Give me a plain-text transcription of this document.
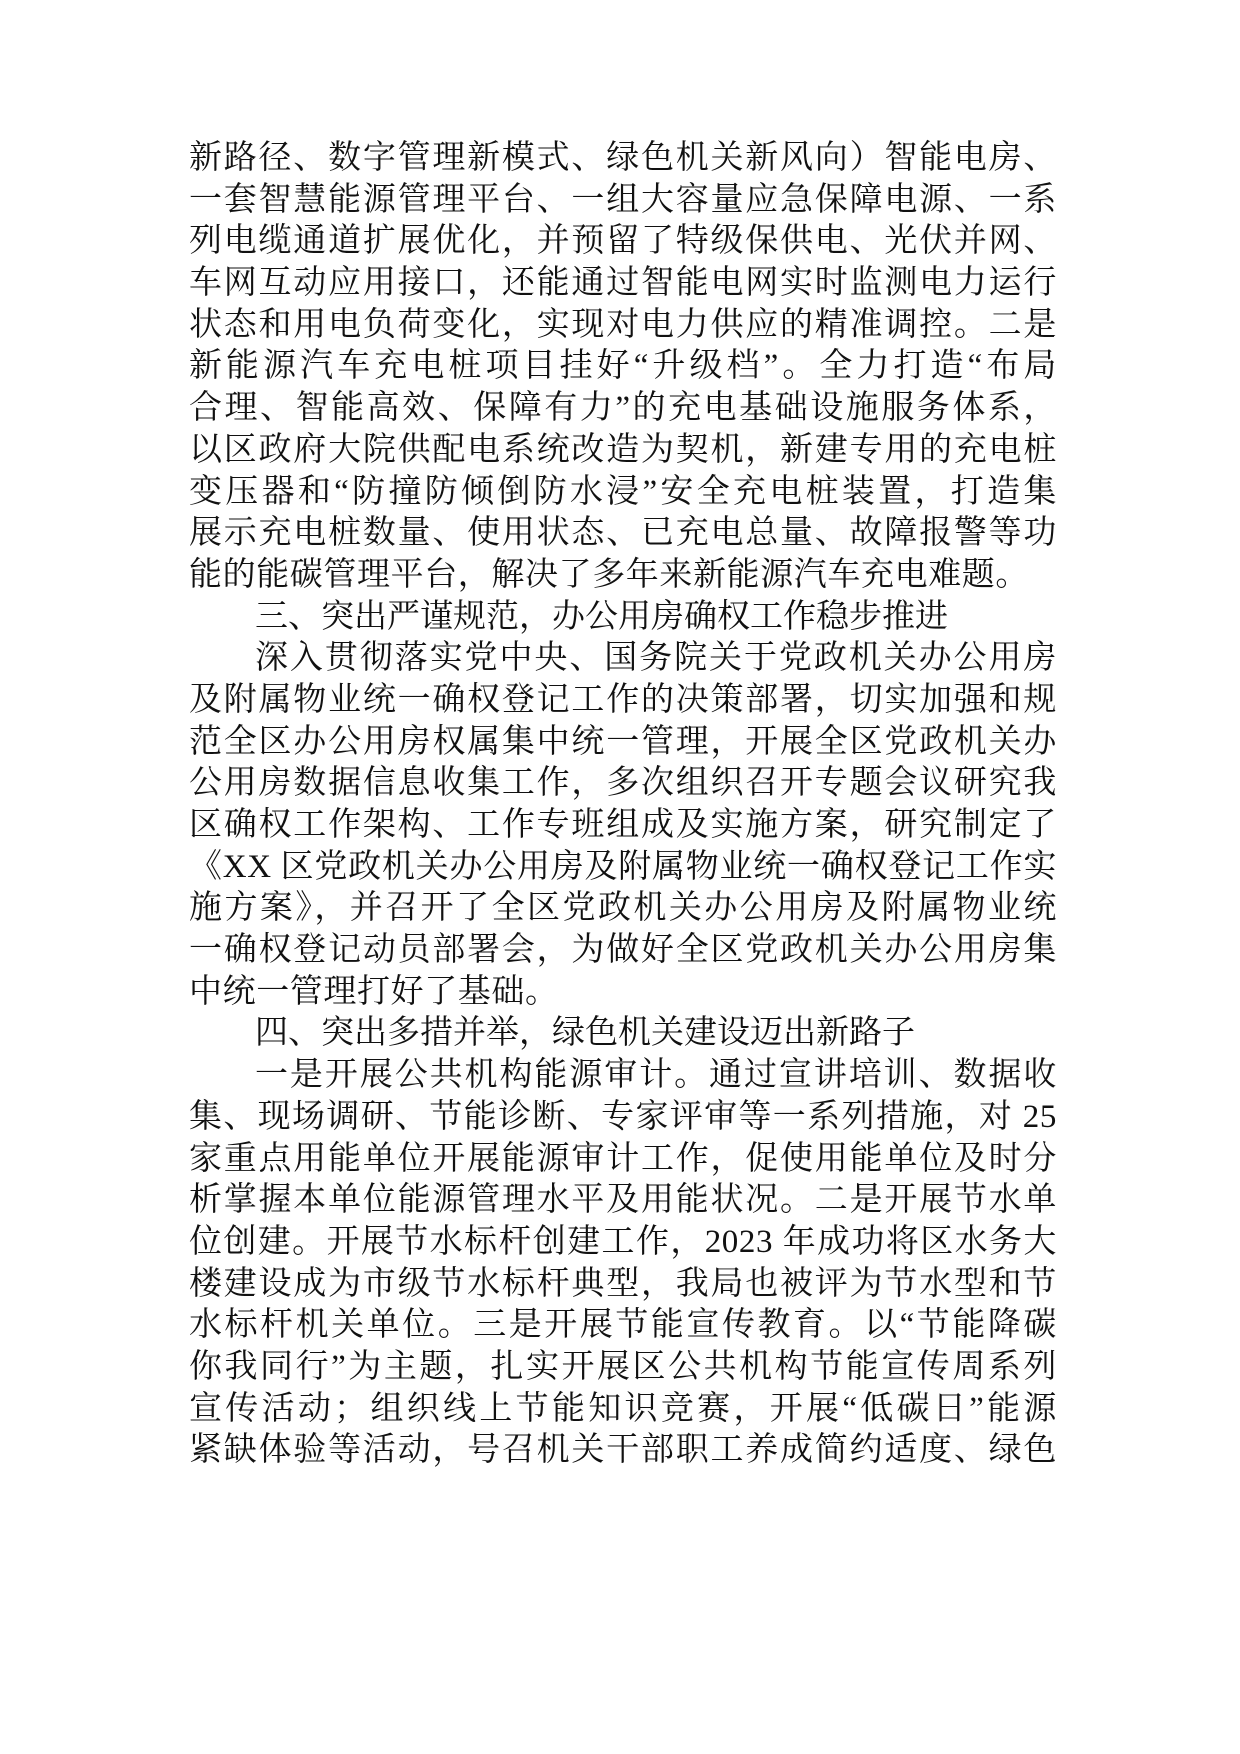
新路径、数字管理新模式、绿色机关新风向）智能电房、
一套智慧能源管理平台、一组大容量应急保障电源、一系
列电缆通道扩展优化，并预留了特级保供电、光伏并网、
车网互动应用接口，还能通过智能电网实时监测电力运行
状态和用电负荷变化，实现对电力供应的精准调控。二是
新能源汽车充电桩项目挂好“升级档”。全力打造“布局
合理、智能高效、保障有力”的充电基础设施服务体系，
以区政府大院供配电系统改造为契机，新建专用的充电桩
变压器和“防撞防倾倒防水浸”安全充电桩装置，打造集
展示充电桩数量、使用状态、已充电总量、故障报警等功
能的能碳管理平台，解决了多年来新能源汽车充电难题。
三、突出严谨规范，办公用房确权工作稳步推进
深入贯彻落实党中央、国务院关于党政机关办公用房
及附属物业统一确权登记工作的决策部署，切实加强和规
范全区办公用房权属集中统一管理，开展全区党政机关办
公用房数据信息收集工作，多次组织召开专题会议研究我
区确权工作架构、工作专班组成及实施方案，研究制定了
《XX 区党政机关办公用房及附属物业统一确权登记工作实
施方案》，并召开了全区党政机关办公用房及附属物业统
一确权登记动员部署会，为做好全区党政机关办公用房集
中统一管理打好了基础。
四、突出多措并举，绿色机关建设迈出新路子
一是开展公共机构能源审计。通过宣讲培训、数据收
集、现场调研、节能诊断、专家评审等一系列措施，对 25
家重点用能单位开展能源审计工作，促使用能单位及时分
析掌握本单位能源管理水平及用能状况。二是开展节水单
位创建。开展节水标杆创建工作，2023 年成功将区水务大
楼建设成为市级节水标杆典型，我局也被评为节水型和节
水标杆机关单位。三是开展节能宣传教育。以“节能降碳
你我同行”为主题，扎实开展区公共机构节能宣传周系列
宣传活动；组织线上节能知识竞赛，开展“低碳日”能源
紧缺体验等活动，号召机关干部职工养成简约适度、绿色
